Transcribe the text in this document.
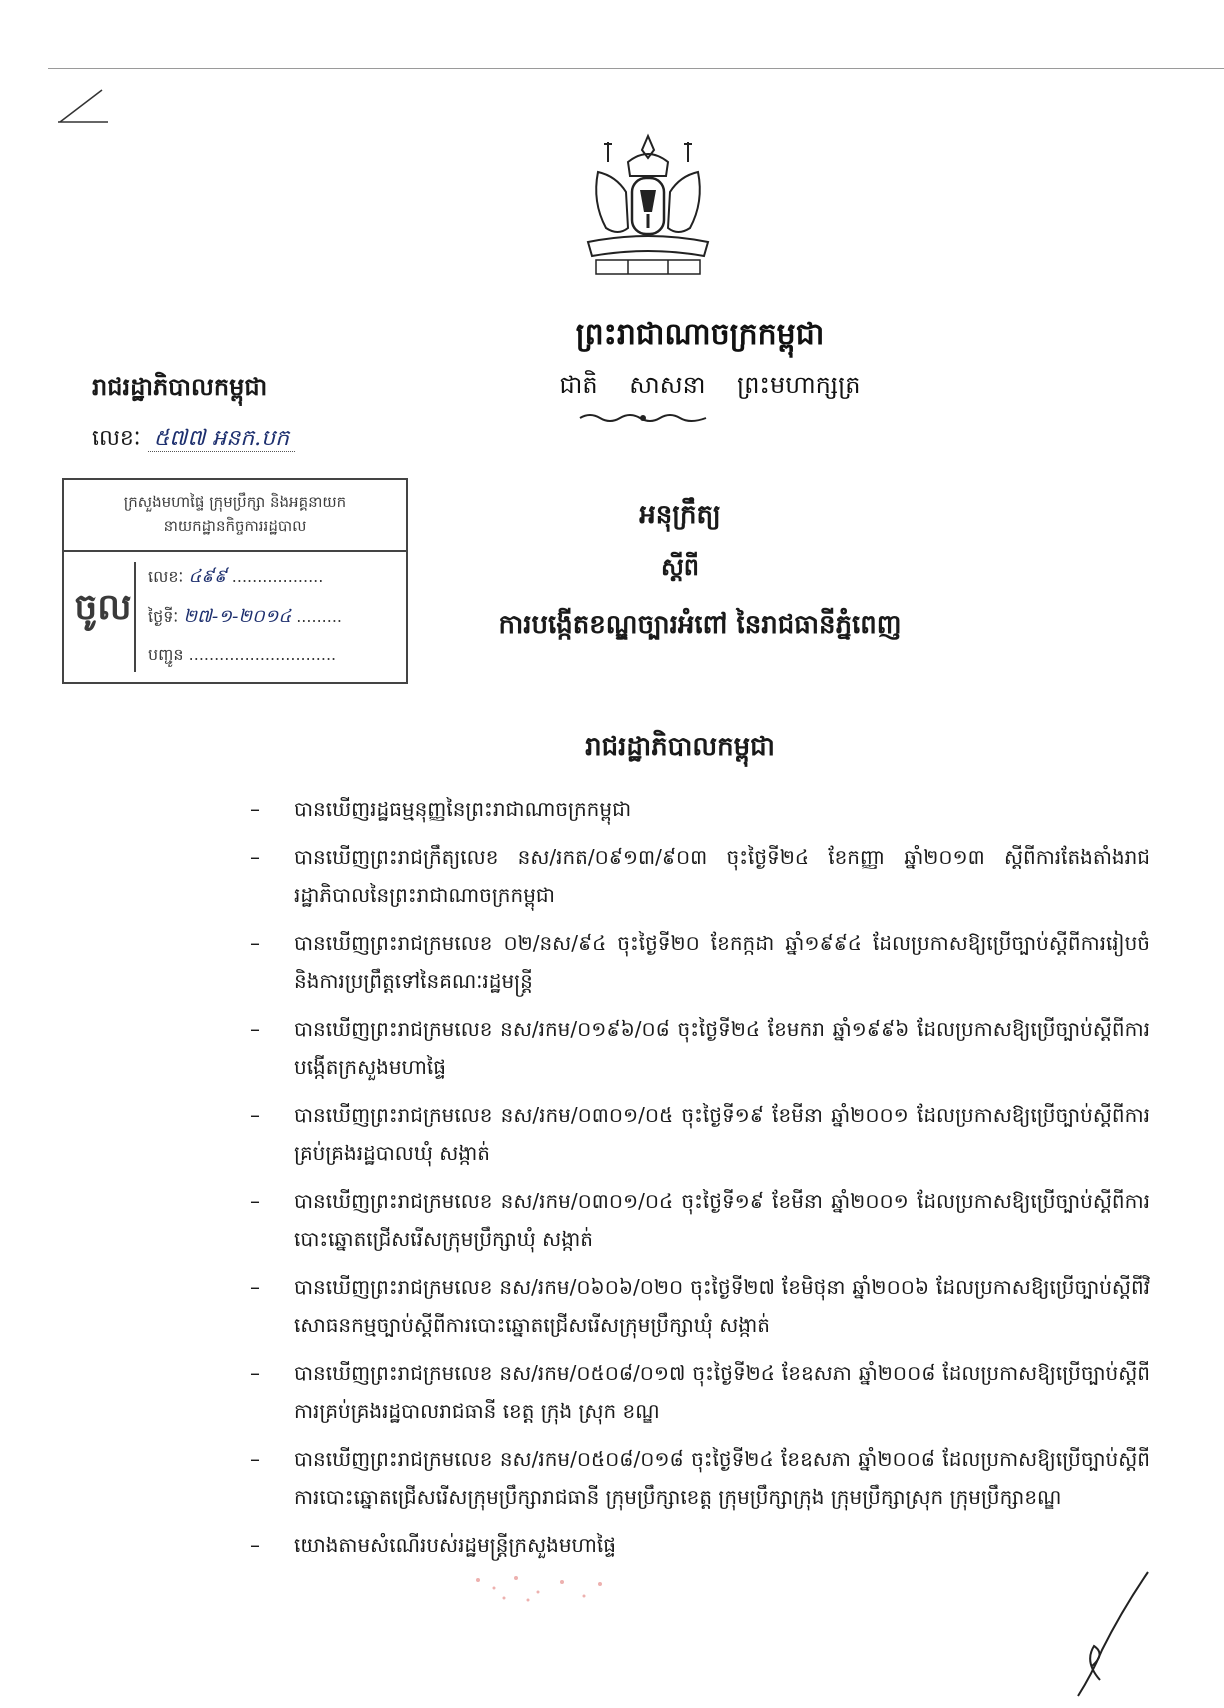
ព្រះរាជាណាចក្រកម្ពុជា
ជាតិ សាសនា ព្រះមហាក្សត្រ
រាជរដ្ឋាភិបាលកម្ពុជា
លេខៈ ៥៧៧ អនក.បក
ក្រសួងមហាផ្ទៃ ក្រុមប្រឹក្សា និងអគ្គនាយក
នាយកដ្ឋានកិច្ចការរដ្ឋបាល
ចូល
លេខៈ ៤៩៩ ..................
ថ្ងៃទីៈ ២៧-១-២០១៤ .........
បញ្ជូន .............................
អនុក្រឹត្យ
ស្តីពី
ការបង្កើតខណ្ឌច្បារអំពៅ នៃរាជធានីភ្នំពេញ
រាជរដ្ឋាភិបាលកម្ពុជា
–	បានឃើញរដ្ឋធម្មនុញ្ញនៃព្រះរាជាណាចក្រកម្ពុជា
–	បានឃើញព្រះរាជក្រឹត្យលេខ នស/រកត/០៩១៣/៩០៣ ចុះថ្ងៃទី២៤ ខែកញ្ញា ឆ្នាំ២០១៣ ស្តីពីការតែងតាំងរាជរដ្ឋាភិបាលនៃព្រះរាជាណាចក្រកម្ពុជា
–	បានឃើញព្រះរាជក្រមលេខ ០២/នស/៩៤ ចុះថ្ងៃទី២០ ខែកក្កដា ឆ្នាំ១៩៩៤ ដែលប្រកាសឱ្យប្រើច្បាប់ស្តីពីការរៀបចំ និងការប្រព្រឹត្តទៅនៃគណៈរដ្ឋមន្ត្រី
–	បានឃើញព្រះរាជក្រមលេខ នស/រកម/០១៩៦/០៨ ចុះថ្ងៃទី២៤ ខែមករា ឆ្នាំ១៩៩៦ ដែលប្រកាសឱ្យប្រើច្បាប់ស្តីពីការបង្កើតក្រសួងមហាផ្ទៃ
–	បានឃើញព្រះរាជក្រមលេខ នស/រកម/០៣០១/០៥ ចុះថ្ងៃទី១៩ ខែមីនា ឆ្នាំ២០០១ ដែលប្រកាសឱ្យប្រើច្បាប់ស្តីពីការគ្រប់គ្រងរដ្ឋបាលឃុំ សង្កាត់
–	បានឃើញព្រះរាជក្រមលេខ នស/រកម/០៣០១/០៤ ចុះថ្ងៃទី១៩ ខែមីនា ឆ្នាំ២០០១ ដែលប្រកាសឱ្យប្រើច្បាប់ស្តីពីការបោះឆ្នោតជ្រើសរើសក្រុមប្រឹក្សាឃុំ សង្កាត់
–	បានឃើញព្រះរាជក្រមលេខ នស/រកម/០៦០៦/០២០ ចុះថ្ងៃទី២៧ ខែមិថុនា ឆ្នាំ២០០៦ ដែលប្រកាសឱ្យប្រើច្បាប់ស្តីពីវិសោធនកម្មច្បាប់ស្តីពីការបោះឆ្នោតជ្រើសរើសក្រុមប្រឹក្សាឃុំ សង្កាត់
–	បានឃើញព្រះរាជក្រមលេខ នស/រកម/០៥០៨/០១៧ ចុះថ្ងៃទី២៤ ខែឧសភា ឆ្នាំ២០០៨ ដែលប្រកាសឱ្យប្រើច្បាប់ស្តីពីការគ្រប់គ្រងរដ្ឋបាលរាជធានី ខេត្ត ក្រុង ស្រុក ខណ្ឌ
–	បានឃើញព្រះរាជក្រមលេខ នស/រកម/០៥០៨/០១៨ ចុះថ្ងៃទី២៤ ខែឧសភា ឆ្នាំ២០០៨ ដែលប្រកាសឱ្យប្រើច្បាប់ស្តីពីការបោះឆ្នោតជ្រើសរើសក្រុមប្រឹក្សារាជធានី ក្រុមប្រឹក្សាខេត្ត ក្រុមប្រឹក្សាក្រុង ក្រុមប្រឹក្សាស្រុក ក្រុមប្រឹក្សាខណ្ឌ
–	យោងតាមសំណើរបស់រដ្ឋមន្ត្រីក្រសួងមហាផ្ទៃ
